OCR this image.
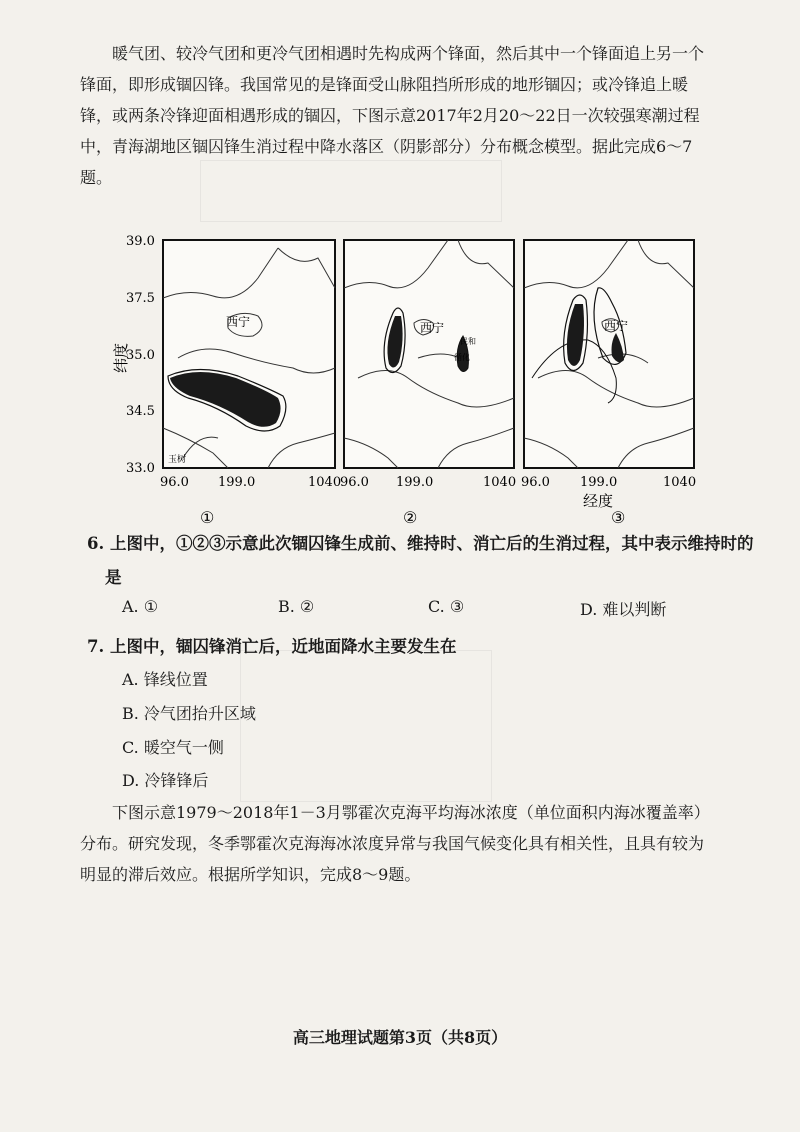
暖气团、较冷气团和更冷气团相遇时先构成两个锋面，然后其中一个锋面追上另一个
锋面，即形成锢囚锋。我国常见的是锋面受山脉阻挡所形成的地形锢囚；或冷锋追上暖
锋，或两条冷锋迎面相遇形成的锢囚，下图示意2017年2月20～22日一次较强寒潮过程
中，青海湖地区锢囚锋生消过程中降水落区（阴影部分）分布概念模型。据此完成6～7
题。
纬度
39.0
37.5
35.0
34.5
33.0
西宁
玉树
西宁
民和
循化
西宁
96.0 199.0	1040
96.0 199.0	1040 96.0 199.0	1040
经度
①	②	③
6. 上图中，①②③示意此次锢囚锋生成前、维持时、消亡后的生消过程，其中表示维持时的
是
A. ①	B. ②	C. ③	D. 难以判断
7. 上图中，锢囚锋消亡后，近地面降水主要发生在
A. 锋线位置
B. 冷气团抬升区域
C. 暖空气一侧
D. 冷锋锋后
下图示意1979～2018年1－3月鄂霍次克海平均海冰浓度（单位面积内海冰覆盖率）
分布。研究发现，冬季鄂霍次克海海冰浓度异常与我国气候变化具有相关性，且具有较为
明显的滞后效应。根据所学知识，完成8～9题。
高三地理试题第3页（共8页）
